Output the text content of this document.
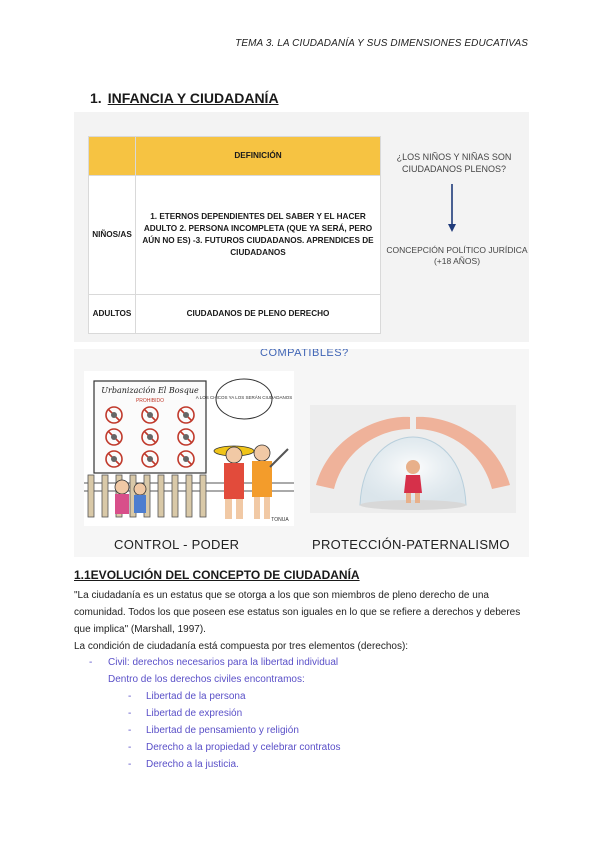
TEMA 3. LA CIUDADANÍA Y SUS DIMENSIONES EDUCATIVAS
1. INFANCIA Y CIUDADANÍA
	DEFINICIÓN
NIÑOS/AS	1. ETERNOS DEPENDIENTES DEL SABER Y EL HACER ADULTO 2. PERSONA INCOMPLETA (QUE YA SERÁ, PERO AÚN NO ES) -3. FUTUROS CIUDADANOS. APRENDICES DE CIUDADANOS
ADULTOS	CIUDADANOS DE PLENO DERECHO
¿LOS NIÑOS Y NIÑAS SON CIUDADANOS PLENOS?
CONCEPCIÓN POLÍTICO JURÍDICA (+18 AÑOS)
COMPATIBLES?
Urbanización El Bosque
PROHIBIDO
A LOS CHICOS YA LOS SERÁN CIUDADANOS
TONUA
CONTROL - PODER	PROTECCIÓN-PATERNALISMO
1.1EVOLUCIÓN DEL CONCEPTO DE CIUDADANÍA
"La ciudadanía es un estatus que se otorga a los que son miembros de pleno derecho de una comunidad. Todos los que poseen ese estatus son iguales en lo que se refiere a derechos y deberes que implica" (Marshall, 1997).
La condición de ciudadanía está compuesta por tres elementos (derechos):
-	Civil: derechos necesarios para la libertad individual
Dentro de los derechos civiles encontramos:
-	Libertad de la persona
-	Libertad de expresión
-	Libertad de pensamiento y religión
-	Derecho a la propiedad y celebrar contratos
-	Derecho a la justicia.
